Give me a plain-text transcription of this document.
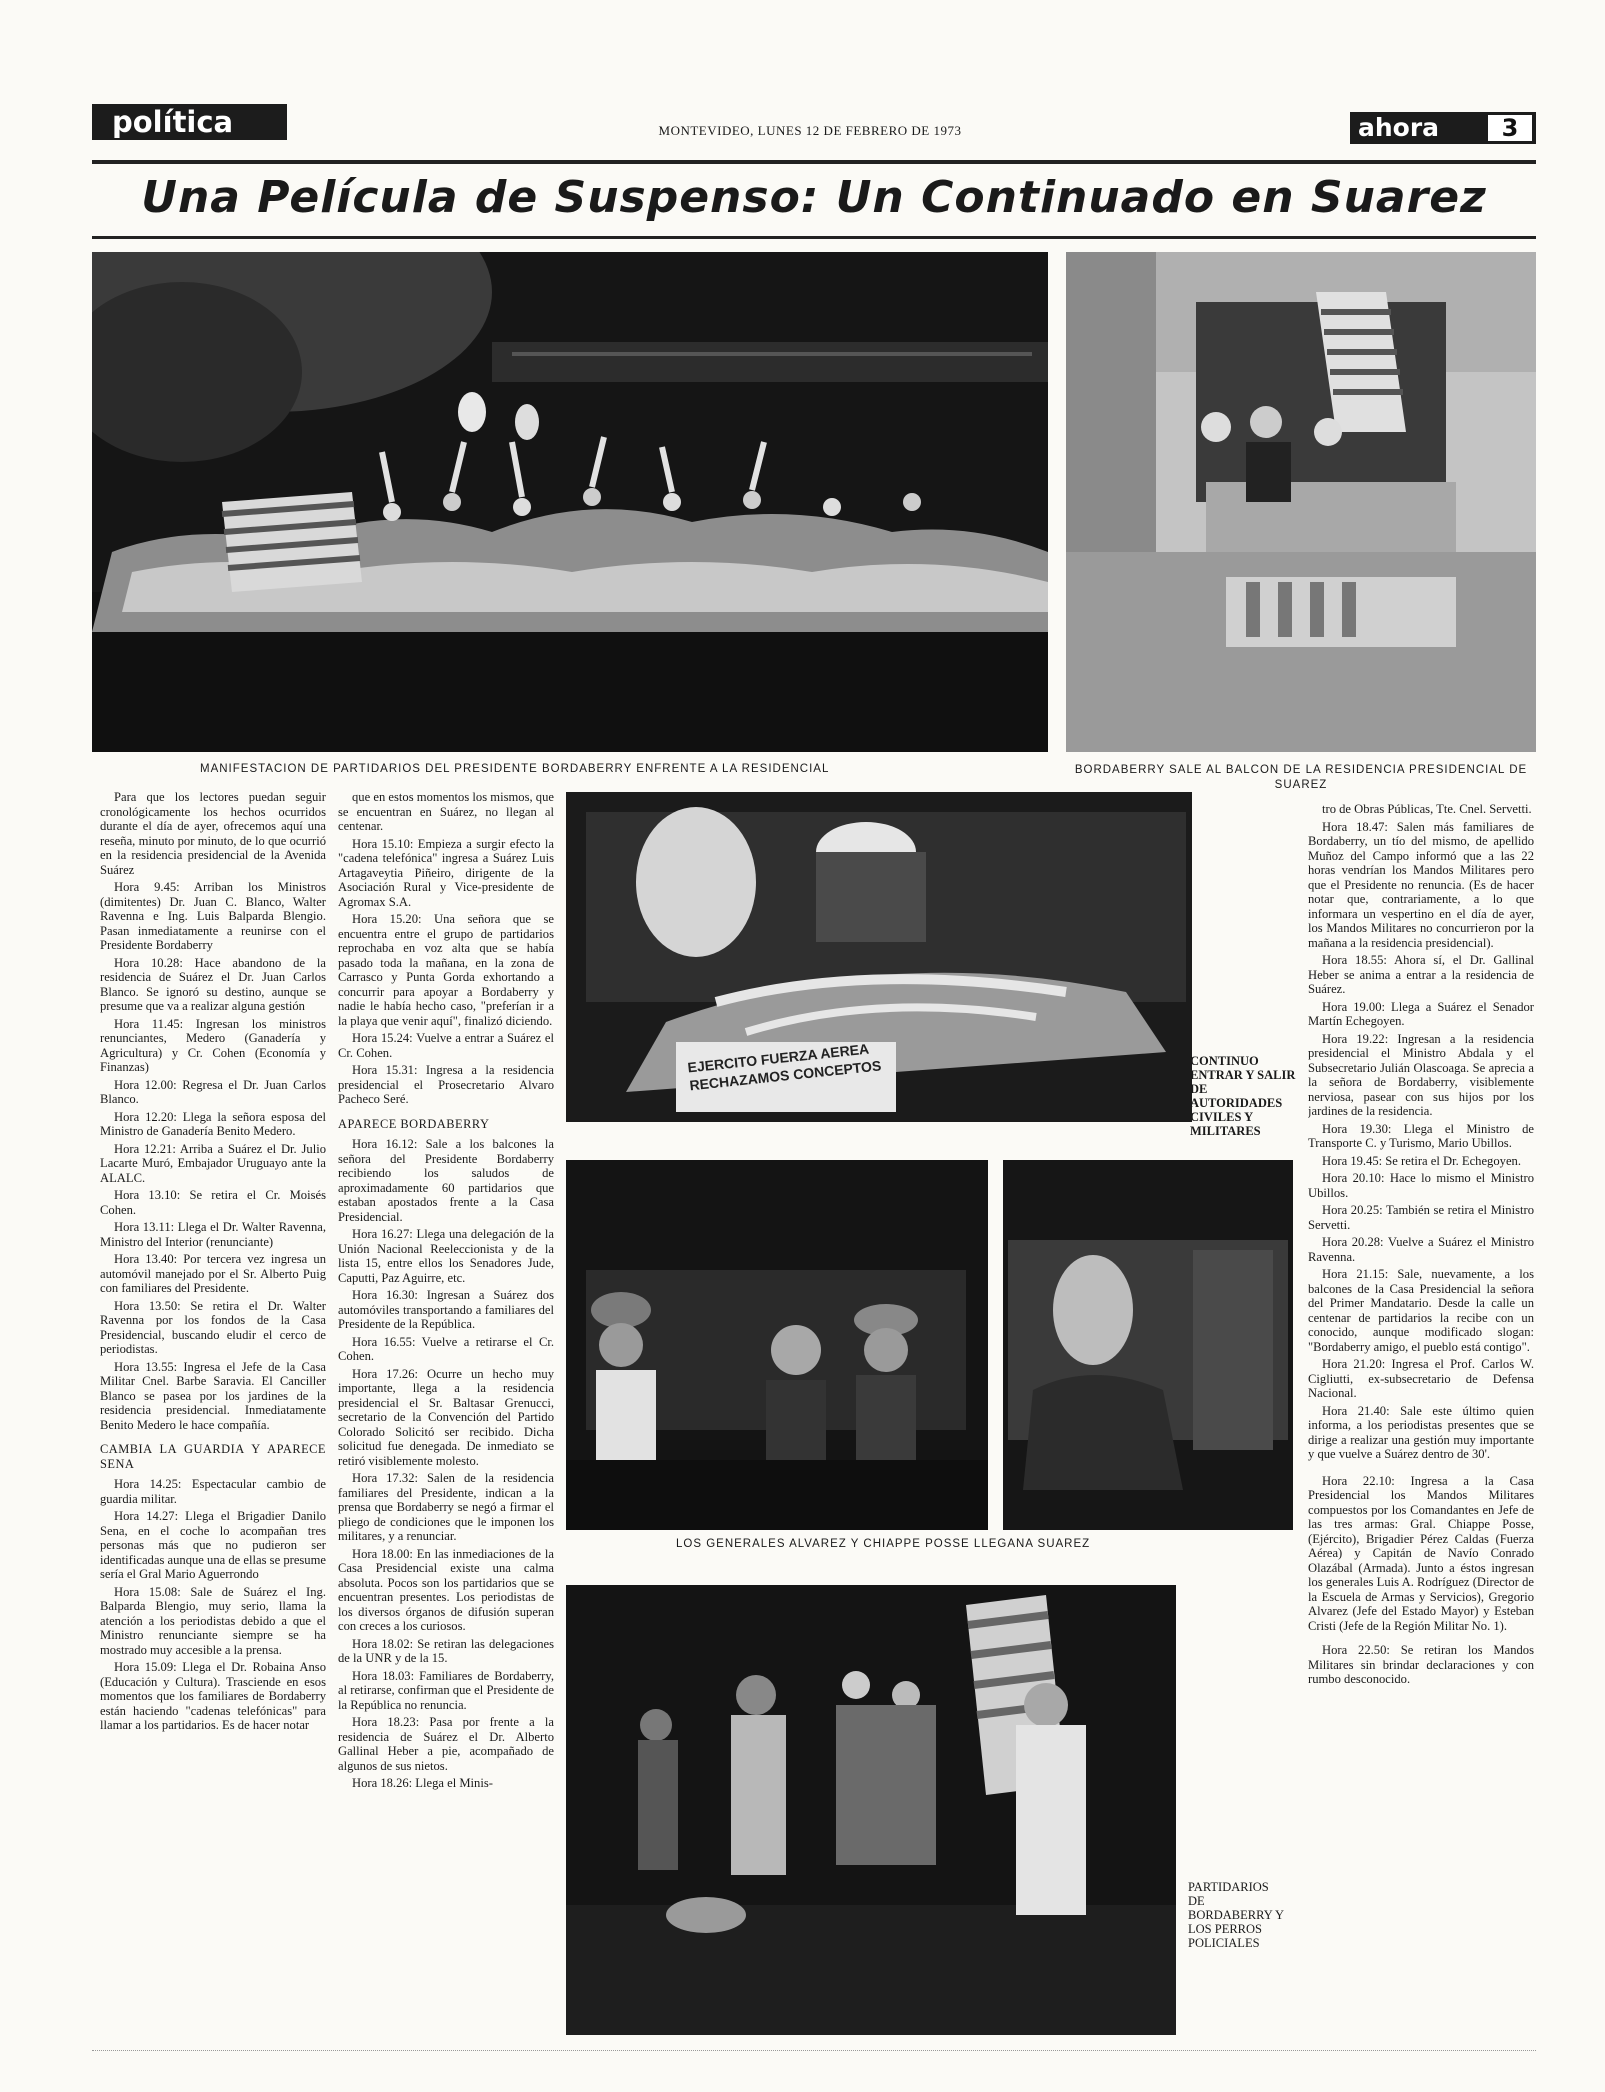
política	MONTEVIDEO, LUNES 12 DE FEBRERO DE 1973	ahora	3
Una Película de Suspenso: Un Continuado en Suarez
MANIFESTACION DE PARTIDARIOS DEL PRESIDENTE BORDABERRY ENFRENTE A LA RESIDENCIAL	BORDABERRY SALE AL BALCON DE LA RESIDENCIA PRESIDENCIAL DE SUAREZ
EJERCITO FUERZA AEREA RECHAZAMOS CONCEPTOS	CONTINUO ENTRAR Y SALIR DE AUTORIDADES CIVILES Y MILITARES
LOS GENERALES ALVAREZ Y CHIAPPE POSSE LLEGANA SUAREZ
PARTIDARIOS DE BORDABERRY Y LOS PERROS POLICIALES

Para que los lectores puedan seguir cronológicamente los hechos ocurridos durante el día de ayer, ofrecemos aquí una reseña, minuto por minuto, de lo que ocurrió en la residencia presidencial de la Avenida Suárez

Hora 9.45: Arriban los Ministros (dimitentes) Dr. Juan C. Blanco, Walter Ravenna e Ing. Luis Balparda Blengio. Pasan inmediatamente a reunirse con el Presidente Bordaberry

Hora 10.28: Hace abandono de la residencia de Suárez el Dr. Juan Carlos Blanco. Se ignoró su destino, aunque se presume que va a realizar alguna gestión

Hora 11.45: Ingresan los ministros renunciantes, Medero (Ganadería y Agricultura) y Cr. Cohen (Economía y Finanzas)

Hora 12.00: Regresa el Dr. Juan Carlos Blanco.

Hora 12.20: Llega la señora esposa del Ministro de Ganadería Benito Medero.

Hora 12.21: Arriba a Suárez el Dr. Julio Lacarte Muró, Embajador Uruguayo ante la ALALC.

Hora 13.10: Se retira el Cr. Moisés Cohen.

Hora 13.11: Llega el Dr. Walter Ravenna, Ministro del Interior (renunciante)

Hora 13.40: Por tercera vez ingresa un automóvil manejado por el Sr. Alberto Puig con familiares del Presidente.

Hora 13.50: Se retira el Dr. Walter Ravenna por los fondos de la Casa Presidencial, buscando eludir el cerco de periodistas.

Hora 13.55: Ingresa el Jefe de la Casa Militar Cnel. Barbe Saravia. El Canciller Blanco se pasea por los jardines de la residencia presidencial. Inmediatamente Benito Medero le hace compañía.

CAMBIA LA GUARDIA Y APARECE SENA

Hora 14.25: Espectacular cambio de guardia militar.

Hora 14.27: Llega el Brigadier Danilo Sena, en el coche lo acompañan tres personas más que no pudieron ser identificadas aunque una de ellas se presume sería el Gral Mario Aguerrondo

Hora 15.08: Sale de Suárez el Ing. Balparda Blengio, muy serio, llama la atención a los periodistas debido a que el Ministro renunciante siempre se ha mostrado muy accesible a la prensa.

Hora 15.09: Llega el Dr. Robaina Anso (Educación y Cultura). Trasciende en esos momentos que los familiares de Bordaberry están haciendo "cadenas telefónicas" para llamar a los partidarios. Es de hacer notar

que en estos momentos los mismos, que se encuentran en Suárez, no llegan al centenar.

Hora 15.10: Empieza a surgir efecto la "cadena telefónica" ingresa a Suárez Luis Artagaveytia Piñeiro, dirigente de la Asociación Rural y Vice-presidente de Agromax S.A.

Hora 15.20: Una señora que se encuentra entre el grupo de partidarios reprochaba en voz alta que se había pasado toda la mañana, en la zona de Carrasco y Punta Gorda exhortando a concurrir para apoyar a Bordaberry y nadie le había hecho caso, "preferían ir a la playa que venir aquí", finalizó diciendo.

Hora 15.24: Vuelve a entrar a Suárez el Cr. Cohen.

Hora 15.31: Ingresa a la residencia presidencial el Prosecretario Alvaro Pacheco Seré.

APARECE BORDABERRY

Hora 16.12: Sale a los balcones la señora del Presidente Bordaberry recibiendo los saludos de aproximadamente 60 partidarios que estaban apostados frente a la Casa Presidencial.

Hora 16.27: Llega una delegación de la Unión Nacional Reeleccionista y de la lista 15, entre ellos los Senadores Jude, Caputti, Paz Aguirre, etc.

Hora 16.30: Ingresan a Suárez dos automóviles transportando a familiares del Presidente de la República.

Hora 16.55: Vuelve a retirarse el Cr. Cohen.

Hora 17.26: Ocurre un hecho muy importante, llega a la residencia presidencial el Sr. Baltasar Grenucci, secretario de la Convención del Partido Colorado Solicitó ser recibido. Dicha solicitud fue denegada. De inmediato se retiró visiblemente molesto.

Hora 17.32: Salen de la residencia familiares del Presidente, indican a la prensa que Bordaberry se negó a firmar el pliego de condiciones que le imponen los militares, y a renunciar.

Hora 18.00: En las inmediaciones de la Casa Presidencial existe una calma absoluta. Pocos son los partidarios que se encuentran presentes. Los periodistas de los diversos órganos de difusión superan con creces a los curiosos.

Hora 18.02: Se retiran las delegaciones de la UNR y de la 15.

Hora 18.03: Familiares de Bordaberry, al retirarse, confirman que el Presidente de la República no renuncia.

Hora 18.23: Pasa por frente a la residencia de Suárez el Dr. Alberto Gallinal Heber a pie, acompañado de algunos de sus nietos.

Hora 18.26: Llega el Minis-

tro de Obras Públicas, Tte. Cnel. Servetti.

Hora 18.47: Salen más familiares de Bordaberry, un tío del mismo, de apellido Muñoz del Campo informó que a las 22 horas vendrían los Mandos Militares pero que el Presidente no renuncia. (Es de hacer notar que, contrariamente, a lo que informara un vespertino en el día de ayer, los Mandos Militares no concurrieron por la mañana a la residencia presidencial).

Hora 18.55: Ahora sí, el Dr. Gallinal Heber se anima a entrar a la residencia de Suárez.

Hora 19.00: Llega a Suárez el Senador Martín Echegoyen.

Hora 19.22: Ingresan a la residencia presidencial el Ministro Abdala y el Subsecretario Julián Olascoaga. Se aprecia a la señora de Bordaberry, visiblemente nerviosa, pasear con sus hijos por los jardines de la residencia.

Hora 19.30: Llega el Ministro de Transporte C. y Turismo, Mario Ubillos.

Hora 19.45: Se retira el Dr. Echegoyen.

Hora 20.10: Hace lo mismo el Ministro Ubillos.

Hora 20.25: También se retira el Ministro Servetti.

Hora 20.28: Vuelve a Suárez el Ministro Ravenna.

Hora 21.15: Sale, nuevamente, a los balcones de la Casa Presidencial la señora del Primer Mandatario. Desde la calle un centenar de partidarios la recibe con un conocido, aunque modificado slogan: "Bordaberry amigo, el pueblo está contigo".

Hora 21.20: Ingresa el Prof. Carlos W. Cigliutti, ex-subsecretario de Defensa Nacional.

Hora 21.40: Sale este último quien informa, a los periodistas presentes que se dirige a realizar una gestión muy importante y que vuelve a Suárez dentro de 30'.

Hora 22.10: Ingresa a la Casa Presidencial los Mandos Militares compuestos por los Comandantes en Jefe de las tres armas: Gral. Chiappe Posse, (Ejército), Brigadier Pérez Caldas (Fuerza Aérea) y Capitán de Navío Conrado Olazábal (Armada). Junto a éstos ingresan los generales Luis A. Rodríguez (Director de la Escuela de Armas y Servicios), Gregorio Alvarez (Jefe del Estado Mayor) y Esteban Cristi (Jefe de la Región Militar No. 1).

Hora 22.50: Se retiran los Mandos Militares sin brindar declaraciones y con rumbo desconocido.
